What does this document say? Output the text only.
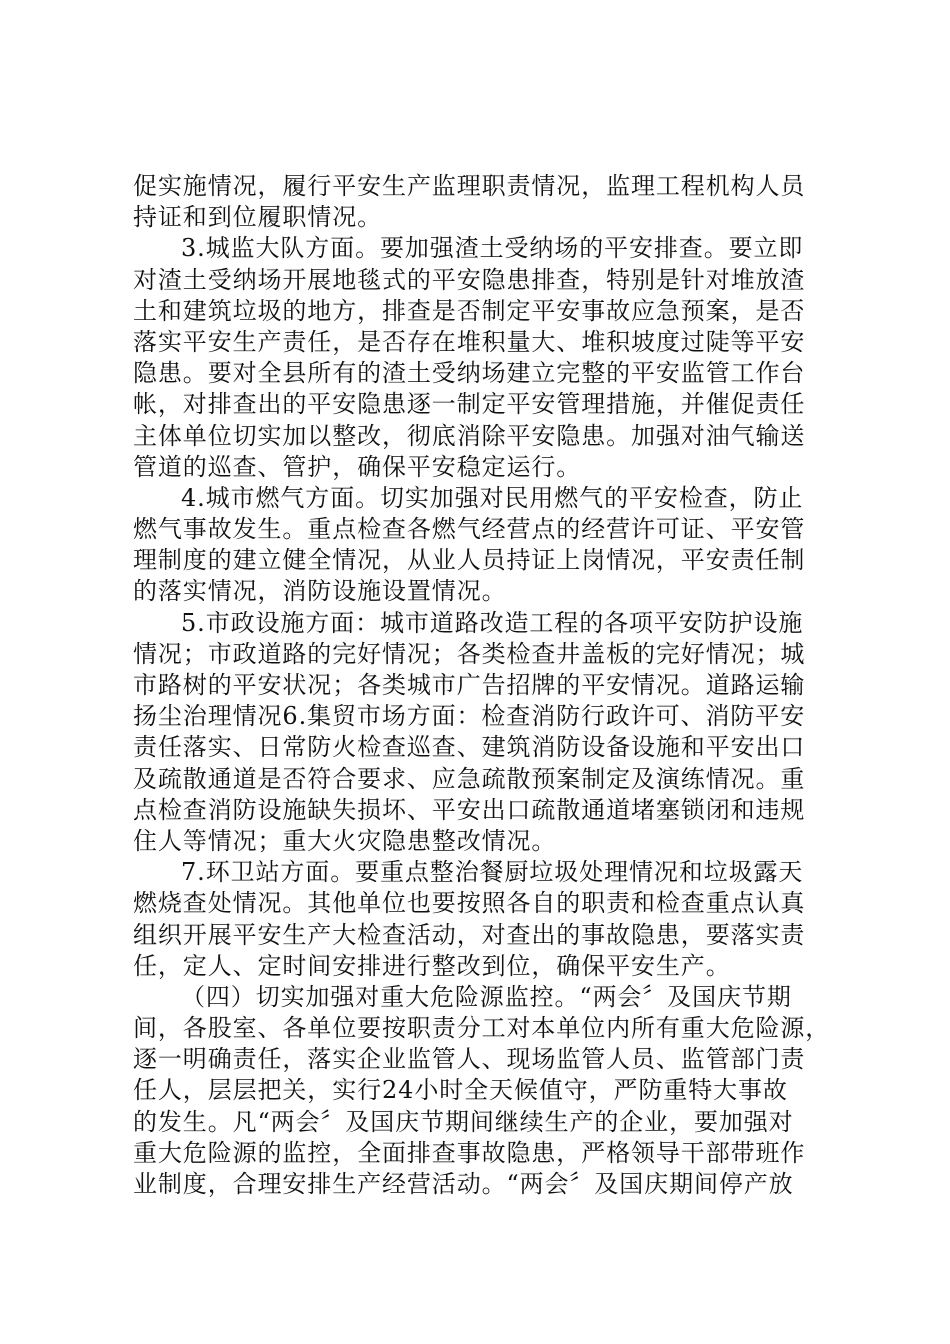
促实施情况，履行平安生产监理职责情况，监理工程机构人员
持证和到位履职情况。
3.城监大队方面。要加强渣土受纳场的平安排查。要立即
对渣土受纳场开展地毯式的平安隐患排查，特别是针对堆放渣
土和建筑垃圾的地方，排查是否制定平安事故应急预案，是否
落实平安生产责任，是否存在堆积量大、堆积坡度过陡等平安
隐患。要对全县所有的渣土受纳场建立完整的平安监管工作台
帐，对排查出的平安隐患逐一制定平安管理措施，并催促责任
主体单位切实加以整改，彻底消除平安隐患。加强对油气输送
管道的巡查、管护，确保平安稳定运行。
4.城市燃气方面。切实加强对民用燃气的平安检查，防止
燃气事故发生。重点检查各燃气经营点的经营许可证、平安管
理制度的建立健全情况，从业人员持证上岗情况，平安责任制
的落实情况，消防设施设置情况。
5.市政设施方面：城市道路改造工程的各项平安防护设施
情况；市政道路的完好情况；各类检查井盖板的完好情况；城
市路树的平安状况；各类城市广告招牌的平安情况。道路运输
扬尘治理情况6.集贸市场方面：检查消防行政许可、消防平安
责任落实、日常防火检查巡查、建筑消防设备设施和平安出口
及疏散通道是否符合要求、应急疏散预案制定及演练情况。重
点检查消防设施缺失损坏、平安出口疏散通道堵塞锁闭和违规
住人等情况；重大火灾隐患整改情况。
7.环卫站方面。要重点整治餐厨垃圾处理情况和垃圾露天
燃烧查处情况。其他单位也要按照各自的职责和检查重点认真
组织开展平安生产大检查活动，对查出的事故隐患，要落实责
任，定人、定时间安排进行整改到位，确保平安生产。
（四）切实加强对重大危险源监控。“两会〞及国庆节期
间，各股室、各单位要按职责分工对本单位内所有重大危险源，
逐一明确责任，落实企业监管人、现场监管人员、监管部门责
任人，层层把关，实行24小时全天候值守，严防重特大事故
的发生。凡“两会〞及国庆节期间继续生产的企业，要加强对
重大危险源的监控，全面排查事故隐患，严格领导干部带班作
业制度，合理安排生产经营活动。“两会〞及国庆期间停产放
